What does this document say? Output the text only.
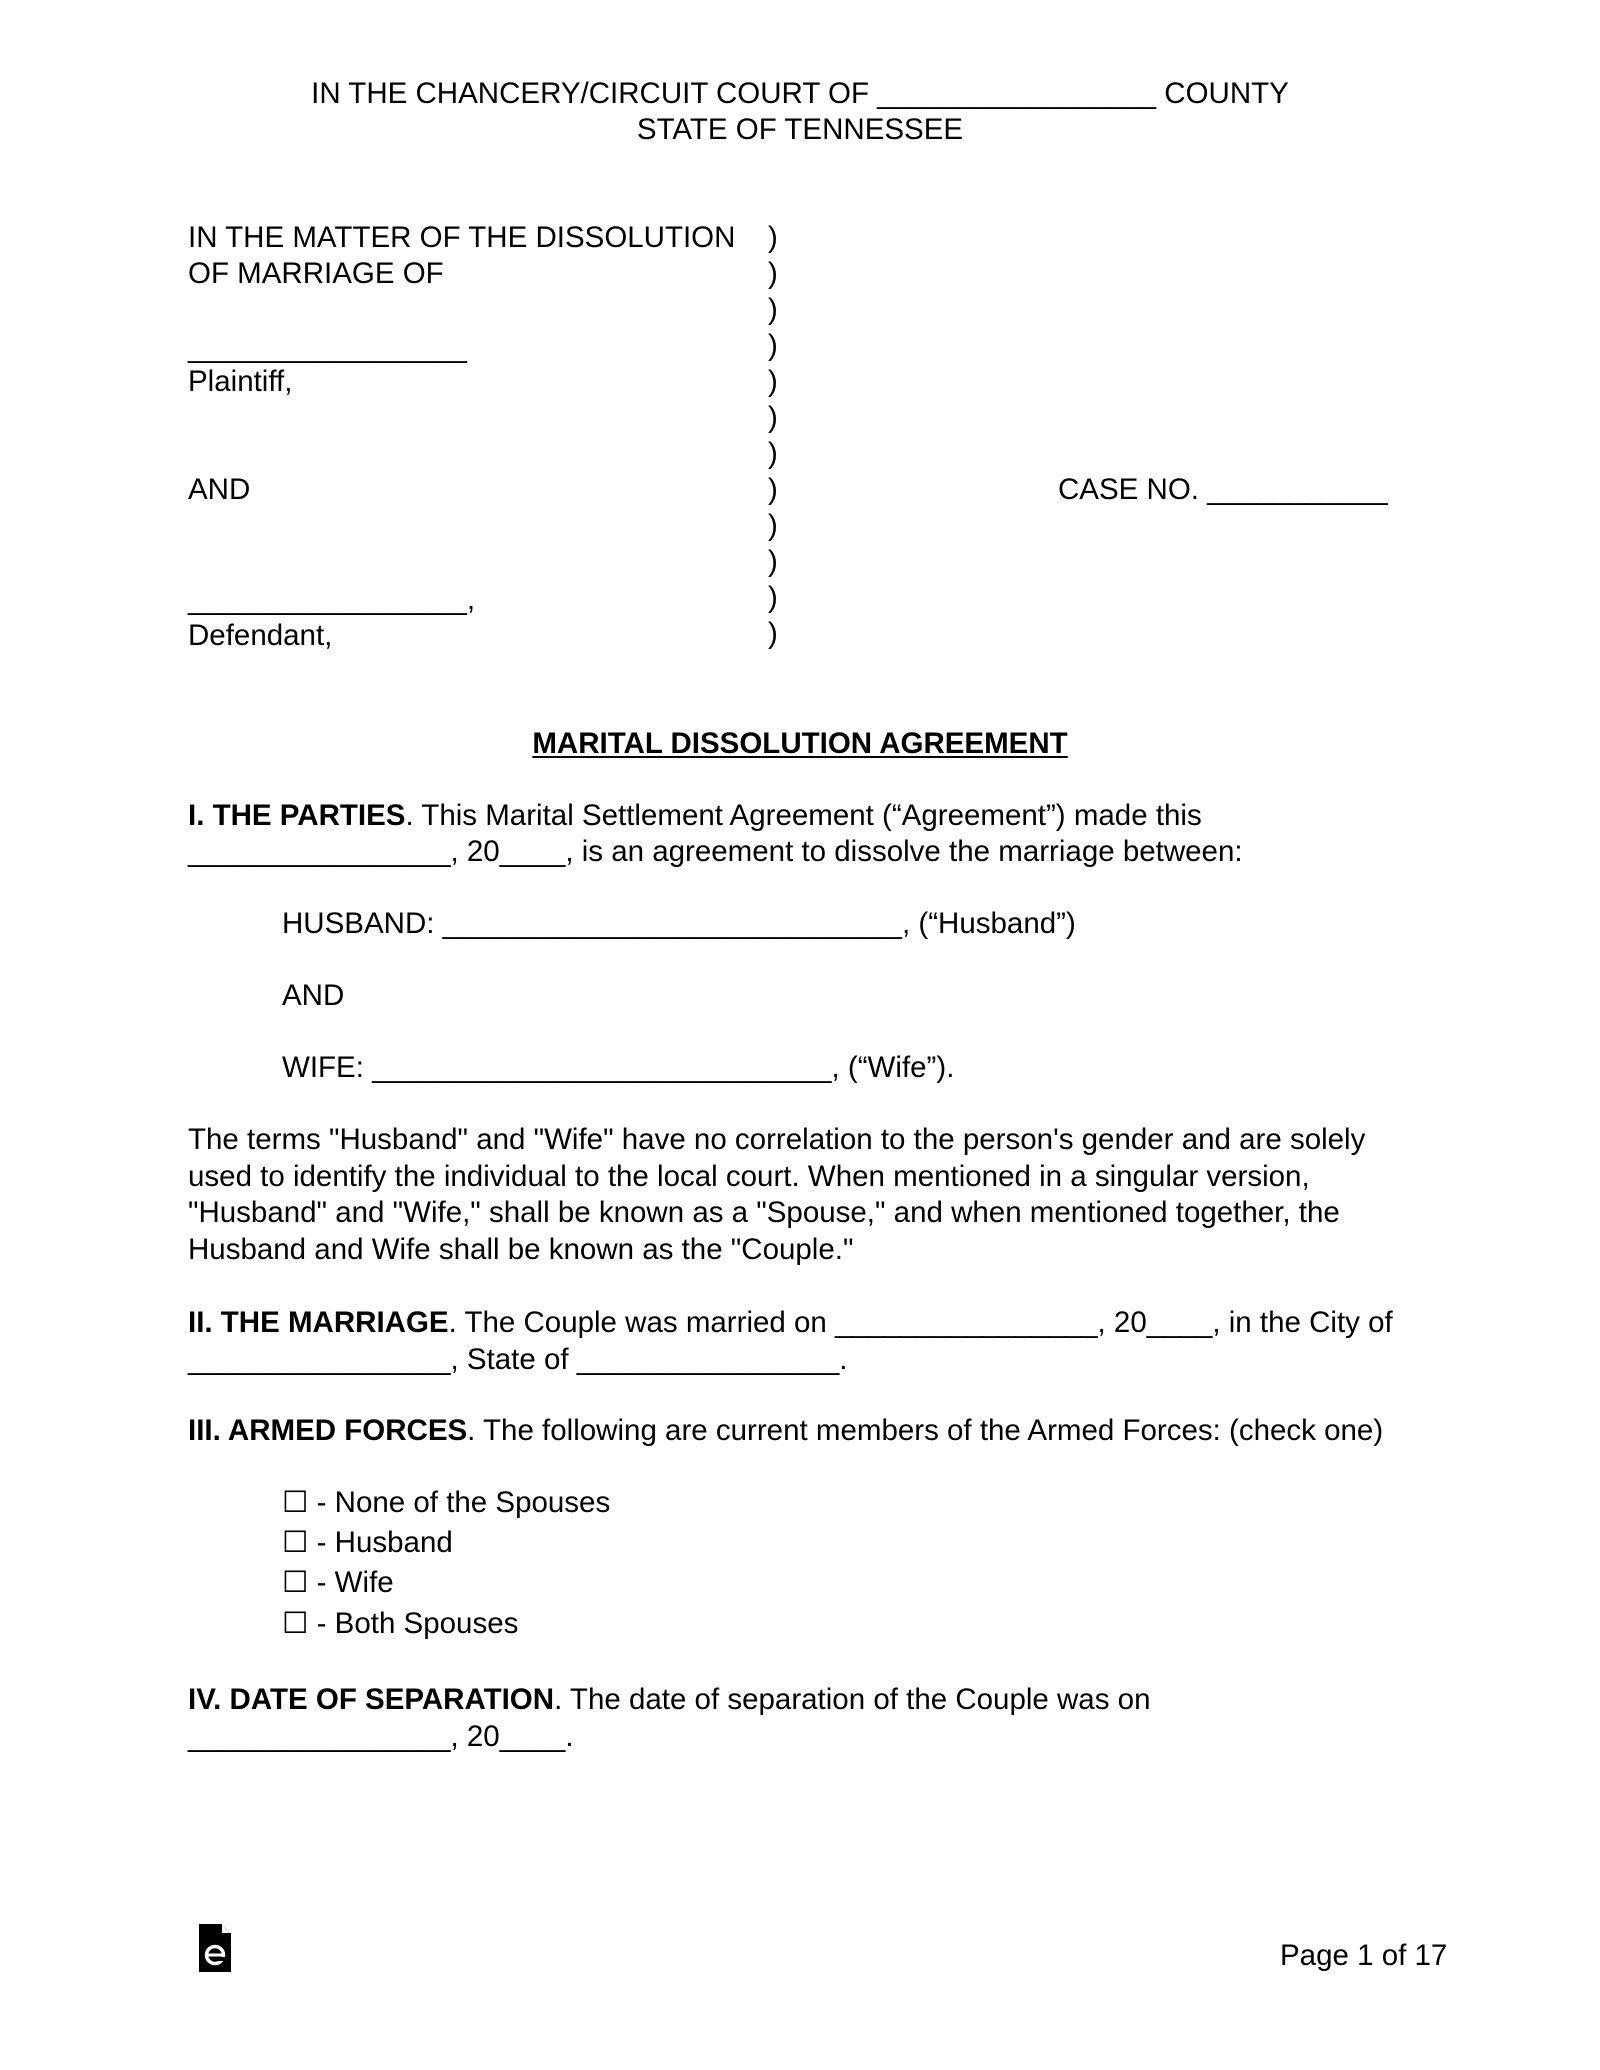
IN THE CHANCERY/CIRCUIT COURT OF _________________ COUNTY
STATE OF TENNESSEE
IN THE MATTER OF THE DISSOLUTION
OF MARRIAGE OF
_________________
Plaintiff,
AND
_________________,
Defendant,
)
)
)
)
)
)
)
)
)
)
)
)
CASE NO. ___________
MARITAL DISSOLUTION AGREEMENT
I. THE PARTIES. This Marital Settlement Agreement (“Agreement”) made this
________________, 20____, is an agreement to dissolve the marriage between:
HUSBAND: ____________________________, (“Husband”)
AND
WIFE: ____________________________, (“Wife”).
The terms "Husband" and "Wife" have no correlation to the person's gender and are solely used to identify the individual to the local court. When mentioned in a singular version, "Husband" and "Wife," shall be known as a "Spouse," and when mentioned together, the Husband and Wife shall be known as the "Couple."
II. THE MARRIAGE. The Couple was married on ________________, 20____, in the City of ________________, State of ________________.
III. ARMED FORCES. The following are current members of the Armed Forces: (check one)
☐ - None of the Spouses
☐ - Husband
☐ - Wife
☐ - Both Spouses
IV. DATE OF SEPARATION. The date of separation of the Couple was on ________________, 20____.
Page 1 of 17
